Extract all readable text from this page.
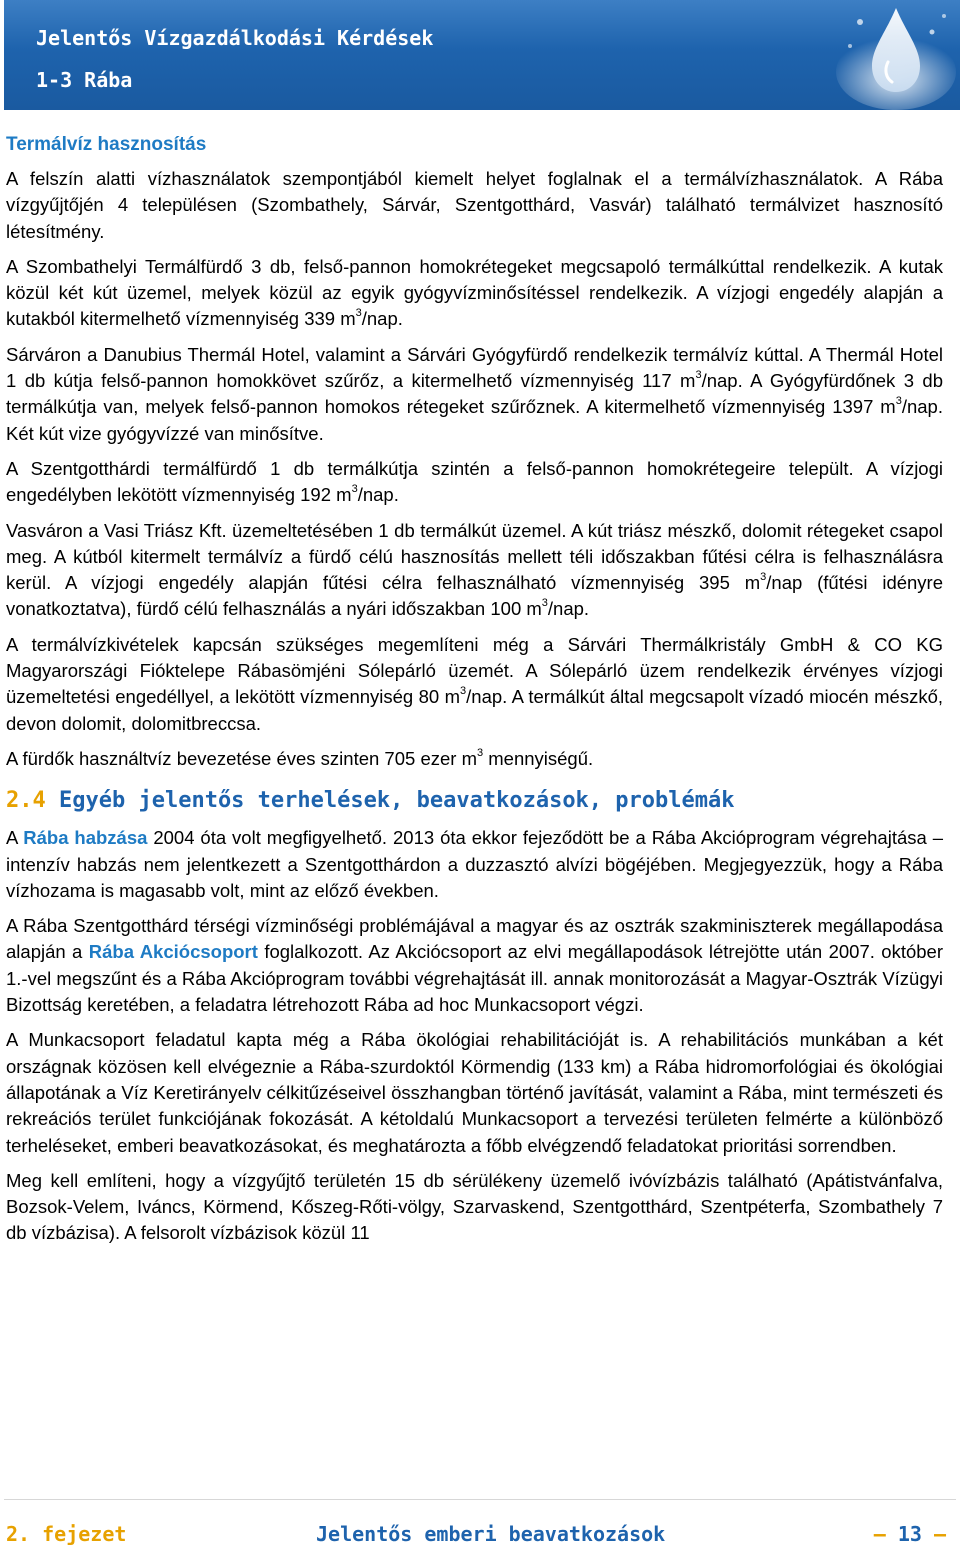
Jelentős Vízgazdálkodási Kérdések
1-3 Rába
Termálvíz hasznosítás

A felszín alatti vízhasználatok szempontjából kiemelt helyet foglalnak el a termálvízhasználatok. A Rába vízgyűjtőjén 4 településen (Szombathely, Sárvár, Szentgotthárd, Vasvár) található termálvizet hasznosító létesítmény.

A Szombathelyi Termálfürdő 3 db, felső-pannon homokrétegeket megcsapoló termálkúttal rendelkezik. A kutak közül két kút üzemel, melyek közül az egyik gyógyvízminősítéssel rendelkezik. A vízjogi engedély alapján a kutakból kitermelhető vízmennyiség 339 $m^3$/nap.

Sárváron a Danubius Thermál Hotel, valamint a Sárvári Gyógyfürdő rendelkezik termálvíz kúttal. A Thermál Hotel 1 db kútja felső-pannon homokkövet szűrőz, a kitermelhető vízmennyiség 117 $m^3$/nap. A Gyógyfürdőnek 3 db termálkútja van, melyek felső-pannon homokos rétegeket szűrőznek. A kitermelhető vízmennyiség 1397 $m^3$/nap. Két kút vize gyógyvízzé van minősítve.

A Szentgotthárdi termálfürdő 1 db termálkútja szintén a felső-pannon homokrétegeire települt. A vízjogi engedélyben lekötött vízmennyiség 192 $m^3$/nap.

Vasváron a Vasi Triász Kft. üzemeltetésében 1 db termálkút üzemel. A kút triász mészkő, dolomit rétegeket csapol meg. A kútból kitermelt termálvíz a fürdő célú hasznosítás mellett téli időszakban fűtési célra is felhasználásra kerül. A vízjogi engedély alapján fűtési célra felhasználható vízmennyiség 395 $m^3$/nap (fűtési idényre vonatkoztatva), fürdő célú felhasználás a nyári időszakban 100 $m^3$/nap.

A termálvízkivételek kapcsán szükséges megemlíteni még a Sárvári Thermálkristály GmbH & CO KG Magyarországi Fióktelepe Rábasömjéni Sólepárló üzemét. A Sólepárló üzem rendelkezik érvényes vízjogi üzemeltetési engedéllyel, a lekötött vízmennyiség 80 $m^3$/nap. A termálkút által megcsapolt vízadó miocén mészkő, devon dolomit, dolomitbreccsa.

A fürdők használtvíz bevezetése éves szinten 705 ezer $m^3$ mennyiségű.

2.4 Egyéb jelentős terhelések, beavatkozások, problémák

A Rába habzása 2004 óta volt megfigyelhető. 2013 óta ekkor fejeződött be a Rába Akcióprogram végrehajtása – intenzív habzás nem jelentkezett a Szentgotthárdon a duzzasztó alvízi bögéjében. Megjegyezzük, hogy a Rába vízhozama is magasabb volt, mint az előző években.

A Rába Szentgotthárd térségi vízminőségi problémájával a magyar és az osztrák szakminiszterek megállapodása alapján a Rába Akciócsoport foglalkozott. Az Akciócsoport az elvi megállapodások létrejötte után 2007. október 1.-vel megszűnt és a Rába Akcióprogram további végrehajtását ill. annak monitorozását a Magyar-Osztrák Vízügyi Bizottság keretében, a feladatra létrehozott Rába ad hoc Munkacsoport végzi.

A Munkacsoport feladatul kapta még a Rába ökológiai rehabilitációját is. A rehabilitációs munkában a két országnak közösen kell elvégeznie a Rába-szurdoktól Körmendig (133 km) a Rába hidromorfológiai és ökológiai állapotának a Víz Keretirányelv célkitűzéseivel összhangban történő javítását, valamint a Rába, mint természeti és rekreációs terület funkciójának fokozását. A kétoldalú Munkacsoport a tervezési területen felmérte a különböző terheléseket, emberi beavatkozásokat, és meghatározta a főbb elvégzendő feladatokat prioritási sorrendben.

Meg kell említeni, hogy a vízgyűjtő területén 15 db sérülékeny üzemelő ivóvízbázis található (Apátistvánfalva, Bozsok-Velem, Iváncs, Körmend, Kőszeg-Rőti-völgy, Szarvaskend, Szentgotthárd, Szentpéterfa, Szombathely 7 db vízbázisa). A felsorolt vízbázisok közül 11

2. fejezet	Jelentős emberi beavatkozások	— 13 —
